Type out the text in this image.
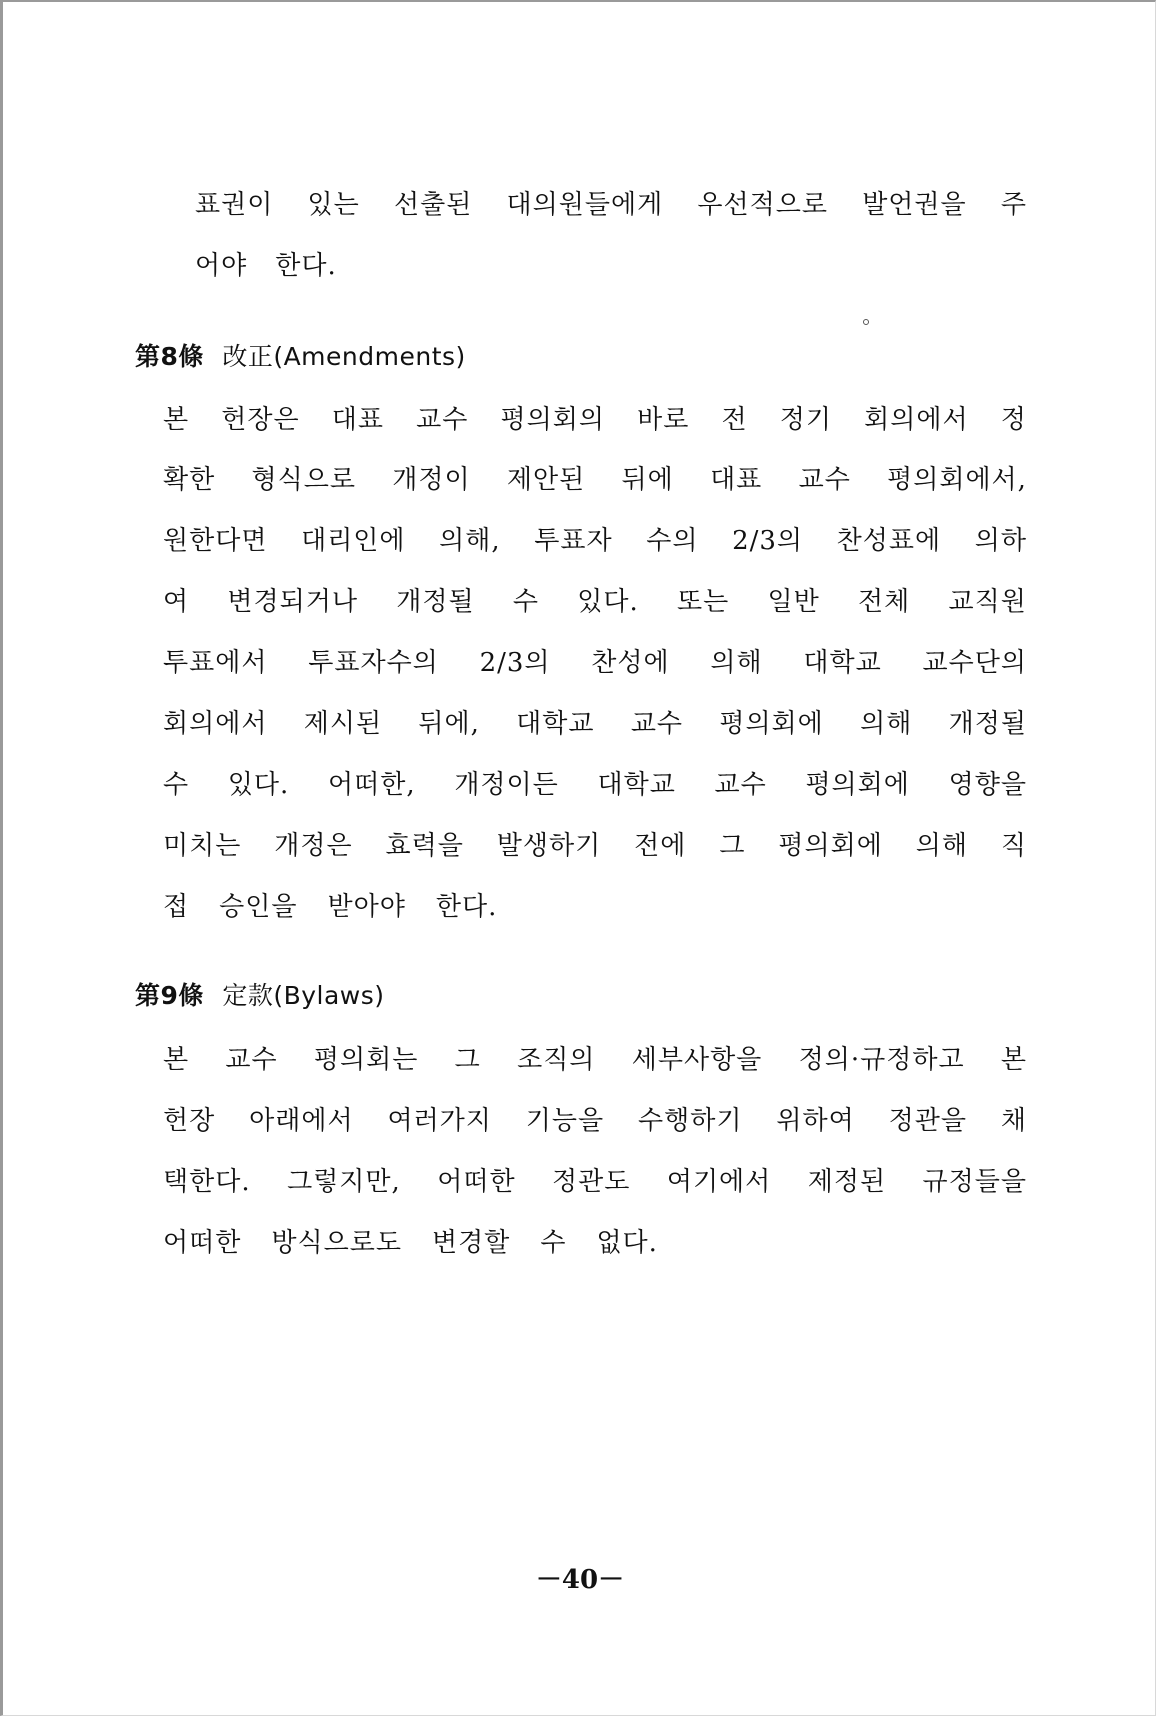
표권이 있는 선출된 대의원들에게 우선적으로 발언권을 주

어야 한다.

第8條 改正(Amendments)

본 헌장은 대표 교수 평의회의 바로 전 정기 회의에서 정

확한 형식으로 개정이 제안된 뒤에 대표 교수 평의회에서,

원한다면 대리인에 의해, 투표자 수의 2/3의 찬성표에 의하

여 변경되거나 개정될 수 있다. 또는 일반 전체 교직원

투표에서 투표자수의 2/3의 찬성에 의해 대학교 교수단의

회의에서 제시된 뒤에, 대학교 교수 평의회에 의해 개정될

수 있다. 어떠한, 개정이든 대학교 교수 평의회에 영향을

미치는 개정은 효력을 발생하기 전에 그 평의회에 의해 직

접 승인을 받아야 한다.

第9條 定款(Bylaws)

본 교수 평의회는 그 조직의 세부사항을 정의·규정하고 본

헌장 아래에서 여러가지 기능을 수행하기 위하여 정관을 채

택한다. 그렇지만, 어떠한 정관도 여기에서 제정된 규정들을

어떠한 방식으로도 변경할 수 없다.

－40－
